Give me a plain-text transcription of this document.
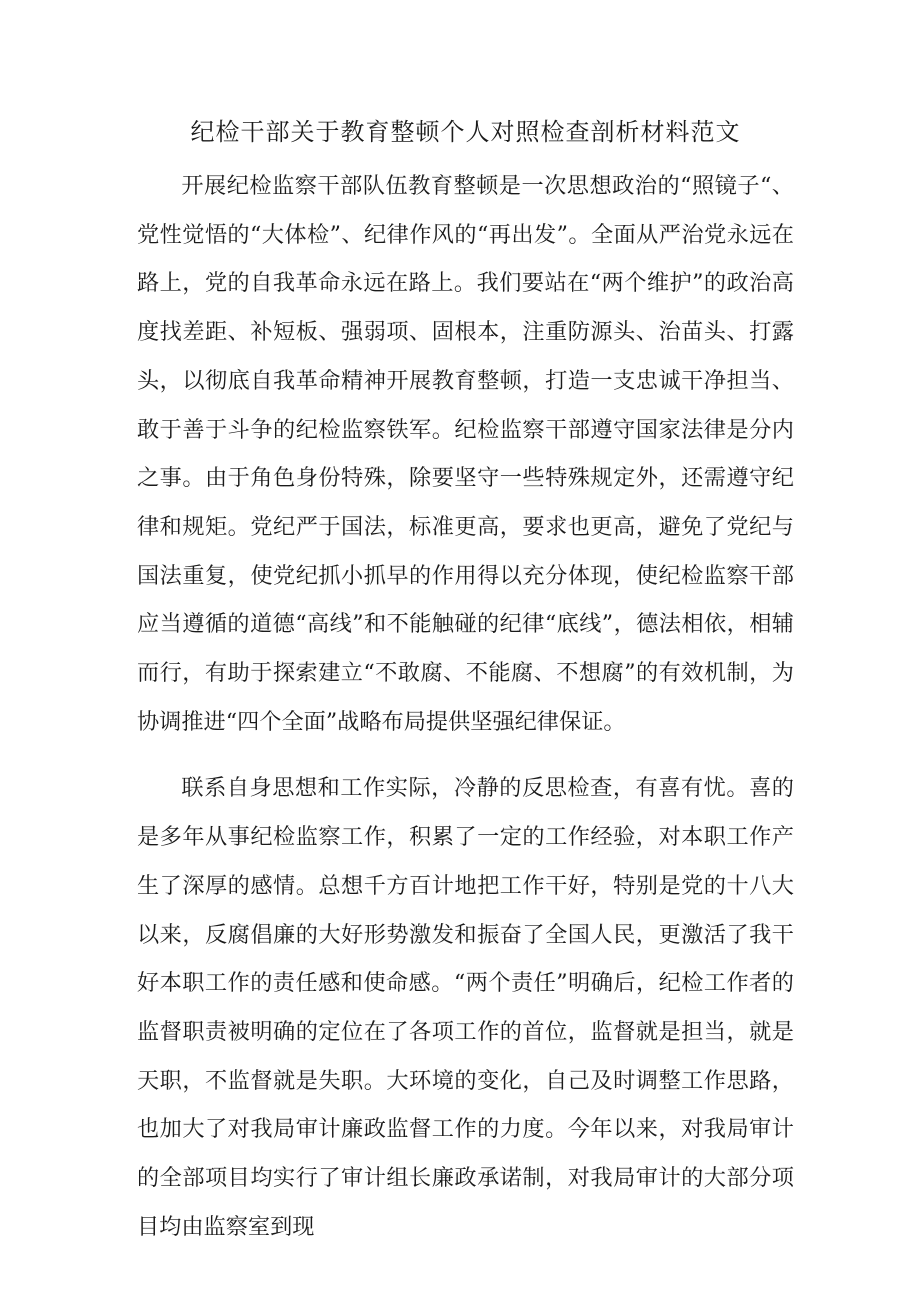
纪检干部关于教育整顿个人对照检查剖析材料范文

开展纪检监察干部队伍教育整顿是一次思想政治的“照镜子“、党性觉悟的“大体检”、纪律作风的“再出发”。全面从严治党永远在路上，党的自我革命永远在路上。我们要站在“两个维护”的政治高度找差距、补短板、强弱项、固根本，注重防源头、治苗头、打露头，以彻底自我革命精神开展教育整顿，打造一支忠诚干净担当、敢于善于斗争的纪检监察铁军。纪检监察干部遵守国家法律是分内之事。由于角色身份特殊，除要坚守一些特殊规定外，还需遵守纪律和规矩。党纪严于国法，标准更高，要求也更高，避免了党纪与国法重复，使党纪抓小抓早的作用得以充分体现，使纪检监察干部应当遵循的道德“高线”和不能触碰的纪律“底线”，德法相依，相辅而行，有助于探索建立“不敢腐、不能腐、不想腐”的有效机制，为协调推进“四个全面”战略布局提供坚强纪律保证。

联系自身思想和工作实际，冷静的反思检查，有喜有忧。喜的是多年从事纪检监察工作，积累了一定的工作经验，对本职工作产生了深厚的感情。总想千方百计地把工作干好，特别是党的十八大以来，反腐倡廉的大好形势激发和振奋了全国人民，更激活了我干好本职工作的责任感和使命感。“两个责任”明确后，纪检工作者的监督职责被明确的定位在了各项工作的首位，监督就是担当，就是天职，不监督就是失职。大环境的变化，自己及时调整工作思路，也加大了对我局审计廉政监督工作的力度。今年以来，对我局审计的全部项目均实行了审计组长廉政承诺制，对我局审计的大部分项目均由监察室到现
